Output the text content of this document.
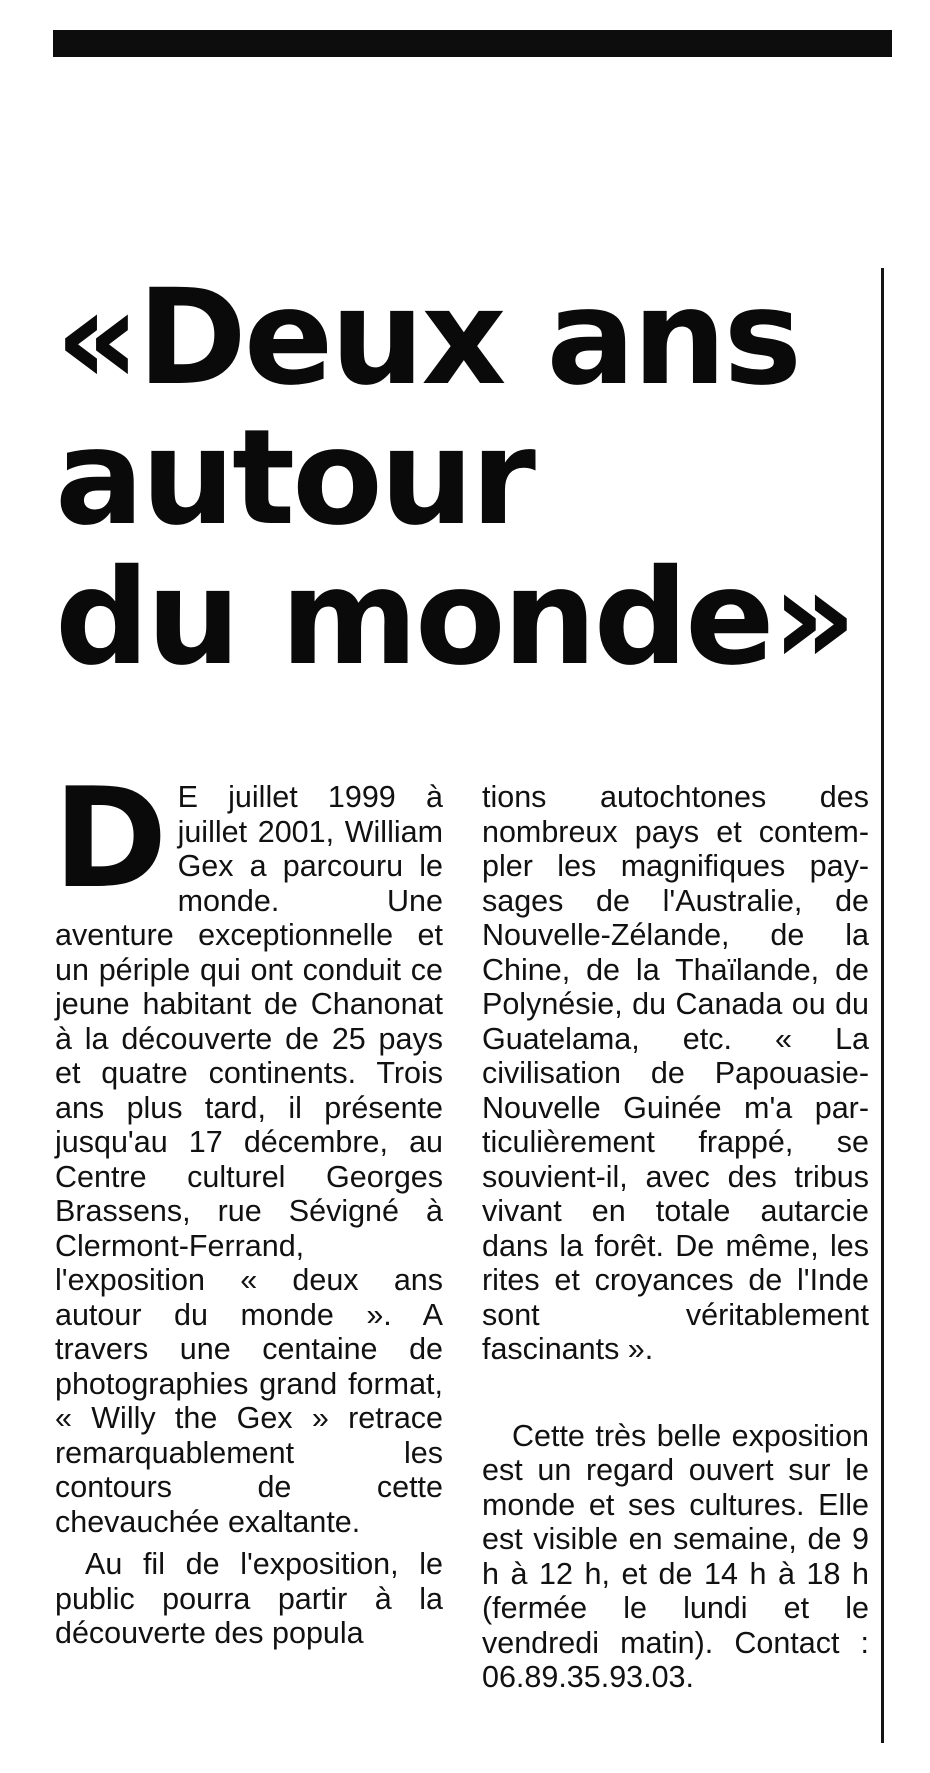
«Deux ans
autour
du monde»

D E juillet 1999 à juillet 2001, William Gex a parcouru le monde. Une aventure exceptionnelle et un périple qui ont conduit ce jeune habitant de Chanonat à la découverte de 25 pays et quatre continents. Trois ans plus tard, il présente jusqu'au 17 décembre, au Centre culturel Georges Brassens, rue Sévigné à Clermont-Ferrand, l'exposition « deux ans autour du monde ». A travers une centaine de photographies grand format, « Willy the Gex » retrace remarquablement les contours de cette chevauchée exaltante.

Au fil de l'exposition, le public pourra partir à la découverte des popula

tions autochtones des nombreux pays et contempler les magnifiques paysages de l'Australie, de Nouvelle-Zélande, de la Chine, de la Thaïlande, de Polynésie, du Canada ou du Guatelama, etc. « La civilisation de Papouasie-Nouvelle Guinée m'a particulièrement frappé, se souvient-il, avec des tribus vivant en totale autarcie dans la forêt. De même, les rites et croyances de l'Inde sont véritablement fascinants ».

Cette très belle exposition est un regard ouvert sur le monde et ses cultures. Elle est visible en semaine, de 9 h à 12 h, et de 14 h à 18 h (fermée le lundi et le vendredi matin). Contact : 06.89.35.93.03.
